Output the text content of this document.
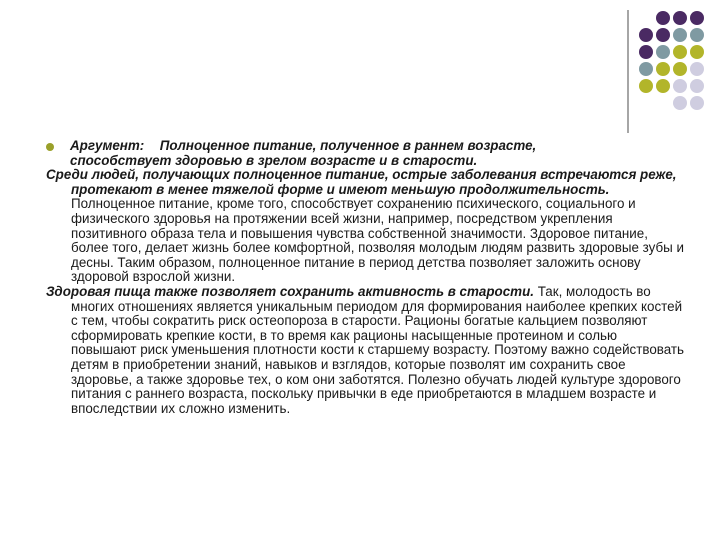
Аргумент: Полноценное питание, полученное в раннем возрасте,
способствует здоровью в зрелом возрасте и в старости.

Среди людей, получающих полноценное питание, острые заболевания встречаются реже, протекают в менее тяжелой форме и имеют меньшую продолжительность. Полноценное питание, кроме того, способствует сохранению психического, социального и физического здоровья на протяжении всей жизни, например, посредством укрепления позитивного образа тела и повышения чувства собственной значимости. Здоровое питание, более того, делает жизнь более комфортной, позволяя молодым людям развить здоровые зубы и десны. Таким образом, полноценное питание в период детства позволяет заложить основу здоровой взрослой жизни.

Здоровая пища также позволяет сохранить активность в старости. Так, молодость во многих отношениях является уникальным периодом для формирования наиболее крепких костей с тем, чтобы сократить риск остеопороза в старости. Рационы богатые кальцием позволяют сформировать крепкие кости, в то время как рационы насыщенные протеином и солью повышают риск уменьшения плотности кости к старшему возрасту. Поэтому важно содействовать детям в приобретении знаний, навыков и взглядов, которые позволят им сохранить свое здоровье, а также здоровье тех, о ком они заботятся. Полезно обучать людей культуре здорового питания с раннего возраста, поскольку привычки в еде приобретаются в младшем возрасте и впоследствии их сложно изменить.
